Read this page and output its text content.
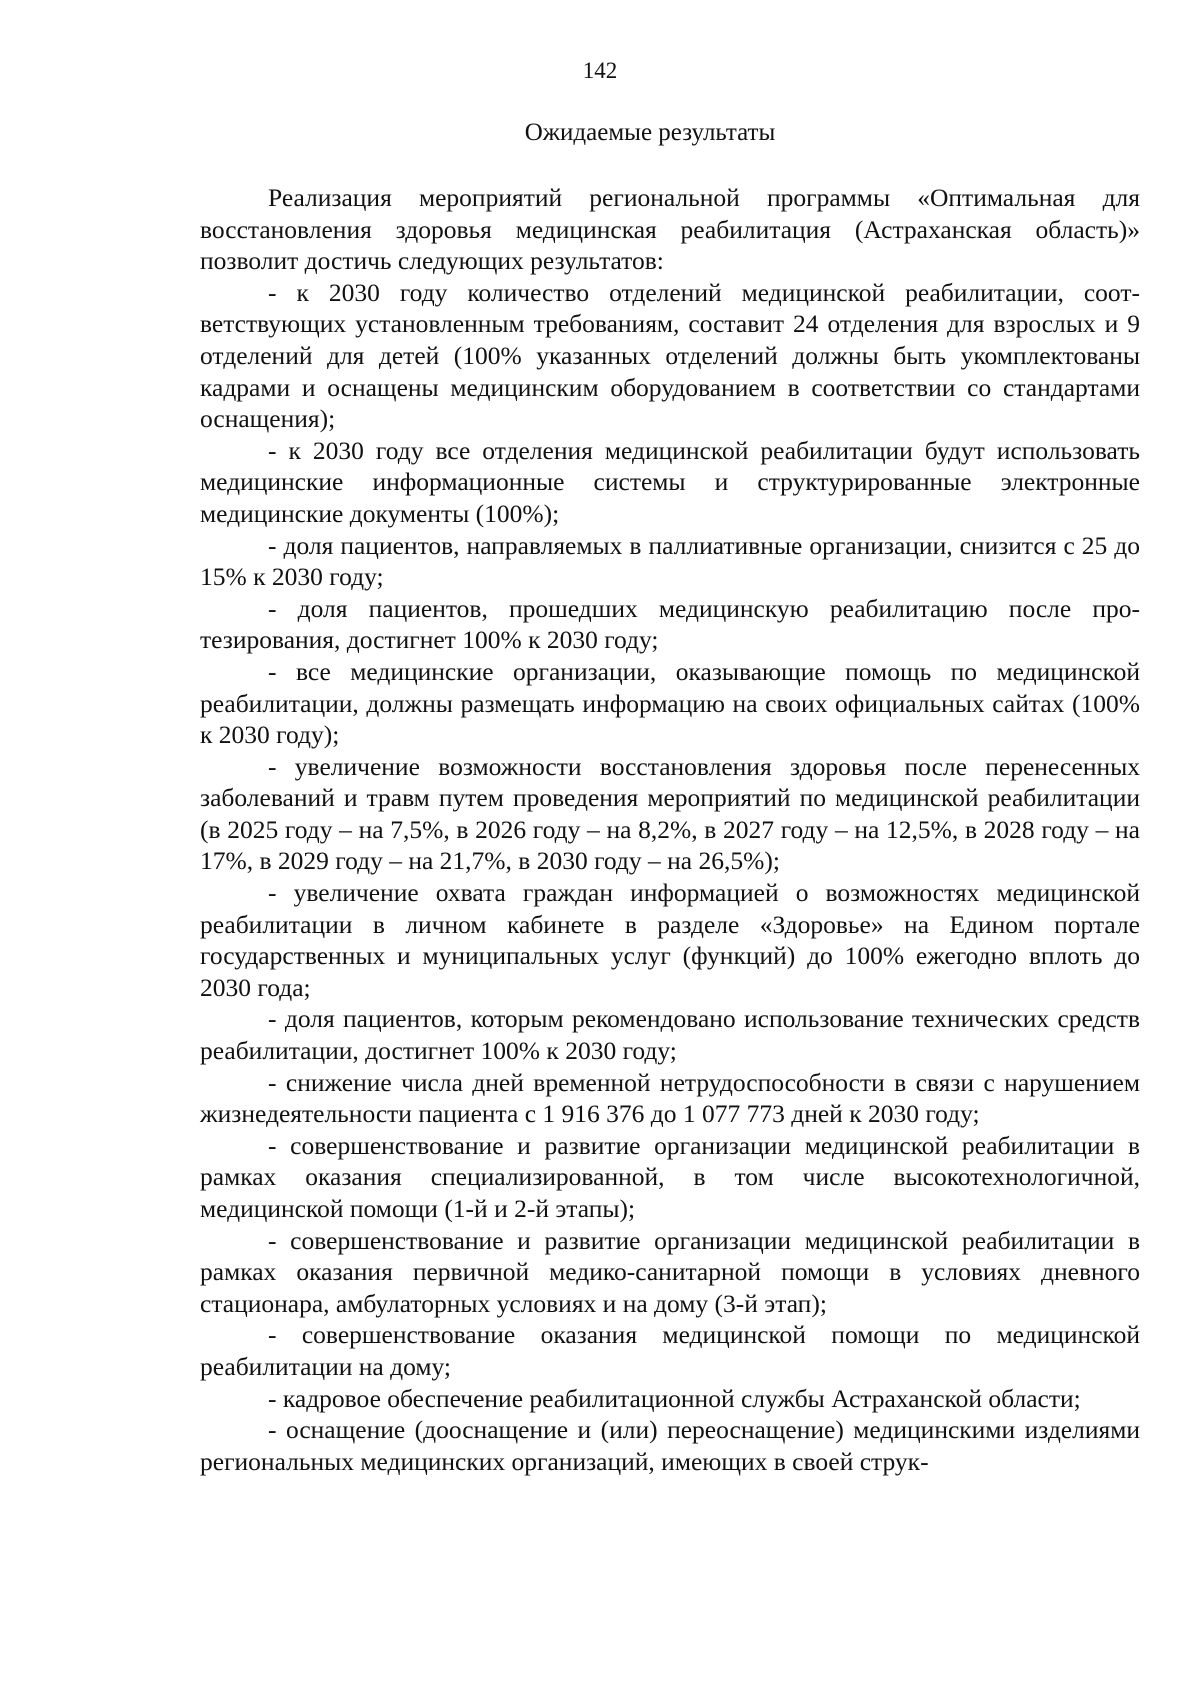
142
Ожидаемые результаты

Реализация мероприятий региональной программы «Оптимальная для восстановления здоровья медицинская реабилитация (Астраханская область)» позволит достичь следующих результатов:

- к 2030 году количество отделений медицинской реабилитации, соответствующих установленным требованиям, составит 24 отделения для взрослых и 9 отделений для детей (100% указанных отделений должны быть укомплектованы кадрами и оснащены медицинским оборудованием в соответствии со стандартами оснащения);

- к 2030 году все отделения медицинской реабилитации будут использовать медицинские информационные системы и структурированные электронные медицинские документы (100%);

- доля пациентов, направляемых в паллиативные организации, снизится с 25 до 15% к 2030 году;

- доля пациентов, прошедших медицинскую реабилитацию после протезирования, достигнет 100% к 2030 году;

- все медицинские организации, оказывающие помощь по медицинской реабилитации, должны размещать информацию на своих официальных сайтах (100% к 2030 году);

- увеличение возможности восстановления здоровья после перенесенных заболеваний и травм путем проведения мероприятий по медицинской реабилитации (в 2025 году – на 7,5%, в 2026 году – на 8,2%, в 2027 году – на 12,5%, в 2028 году – на 17%, в 2029 году – на 21,7%, в 2030 году – на 26,5%);

- увеличение охвата граждан информацией о возможностях медицинской реабилитации в личном кабинете в разделе «Здоровье» на Едином портале государственных и муниципальных услуг (функций) до 100% ежегодно вплоть до 2030 года;

- доля пациентов, которым рекомендовано использование технических средств реабилитации, достигнет 100% к 2030 году;

- снижение числа дней временной нетрудоспособности в связи с нарушением жизнедеятельности пациента с 1 916 376 до 1 077 773 дней к 2030 году;

- совершенствование и развитие организации медицинской реабилитации в рамках оказания специализированной, в том числе высокотехнологичной, медицинской помощи (1-й и 2-й этапы);

- совершенствование и развитие организации медицинской реабилитации в рамках оказания первичной медико-санитарной помощи в условиях дневного стационара, амбулаторных условиях и на дому (3-й этап);

- совершенствование оказания медицинской помощи по медицинской реабилитации на дому;

- кадровое обеспечение реабилитационной службы Астраханской области;

- оснащение (дооснащение и (или) переоснащение) медицинскими изделиями региональных медицинских организаций, имеющих в своей струк-
